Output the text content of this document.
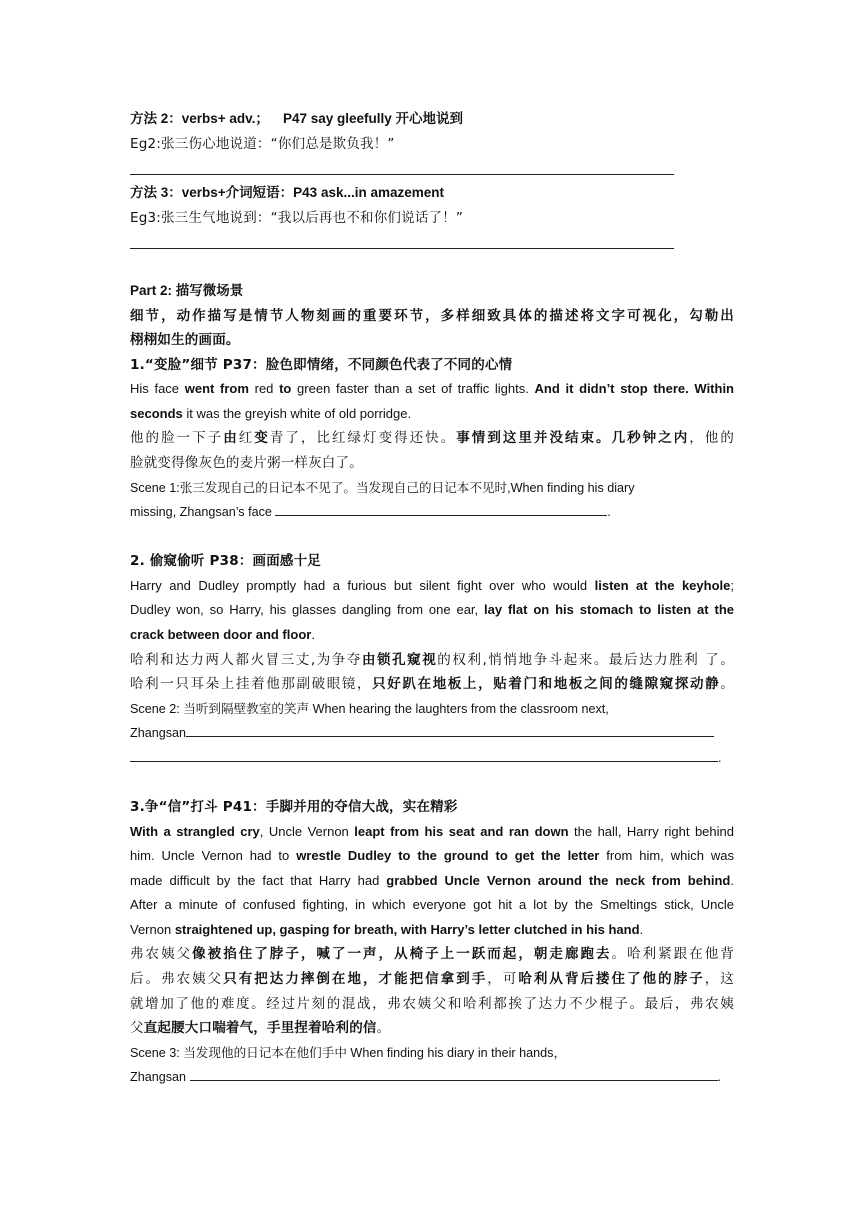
方法 2：verbs+ adv.； P47 say gleefully 开心地说到
Eg2:张三伤心地说道：“你们总是欺负我！”
方法 3：verbs+介词短语：P43 ask...in amazement
Eg3:张三生气地说到：“我以后再也不和你们说话了！”
Part 2: 描写微场景
细节，动作描写是情节人物刻画的重要环节，多样细致具体的描述将文字可视化，勾勒出
栩栩如生的画面。
1.“变脸”细节 P37：脸色即情绪，不同颜色代表了不同的心情
His face went from red to green faster than a set of traffic lights. And it didn’t stop there. Within
seconds it was the greyish white of old porridge.
他的脸一下子由红变青了，比红绿灯变得还快。事情到这里并没结束。几秒钟之内，他的
脸就变得像灰色的麦片粥一样灰白了。
Scene 1:张三发现自己的日记本不见了。当发现自己的日记本不见时,When finding his diary
missing, Zhangsan’s face	.
2. 偷窥偷听 P38：画面感十足
Harry and Dudley promptly had a furious but silent fight over who would listen at the keyhole;
Dudley won, so Harry, his glasses dangling from one ear, lay flat on his stomach to listen at the
crack between door and floor.
哈利和达力两人都火冒三丈,为争夺由锁孔窥视的权利,悄悄地争斗起来。最后达力胜利 了。
哈利一只耳朵上挂着他那副破眼镜，只好趴在地板上，贴着门和地板之间的缝隙窥探动静。
Scene 2: 当听到隔壁教室的笑声 When hearing the laughters from the classroom next,
Zhangsan
.
3.争“信”打斗 P41：手脚并用的夺信大战，实在精彩
With a strangled cry, Uncle Vernon leapt from his seat and ran down the hall, Harry right behind
him. Uncle Vernon had to wrestle Dudley to the ground to get the letter from him, which was
made difficult by the fact that Harry had grabbed Uncle Vernon around the neck from behind.
After a minute of confused fighting, in which everyone got hit a lot by the Smeltings stick, Uncle
Vernon straightened up, gasping for breath, with Harry’s letter clutched in his hand.
弗农姨父像被掐住了脖子，喊了一声，从椅子上一跃而起，朝走廊跑去。哈利紧跟在他背
后。弗农姨父只有把达力摔倒在地，才能把信拿到手，可哈利从背后搂住了他的脖子，这
就增加了他的难度。经过片刻的混战，弗农姨父和哈利都挨了达力不少棍子。最后，弗农姨
父直起腰大口喘着气，手里捏着哈利的信。
Scene 3: 当发现他的日记本在他们手中 When finding his diary in their hands，
Zhangsan	.
